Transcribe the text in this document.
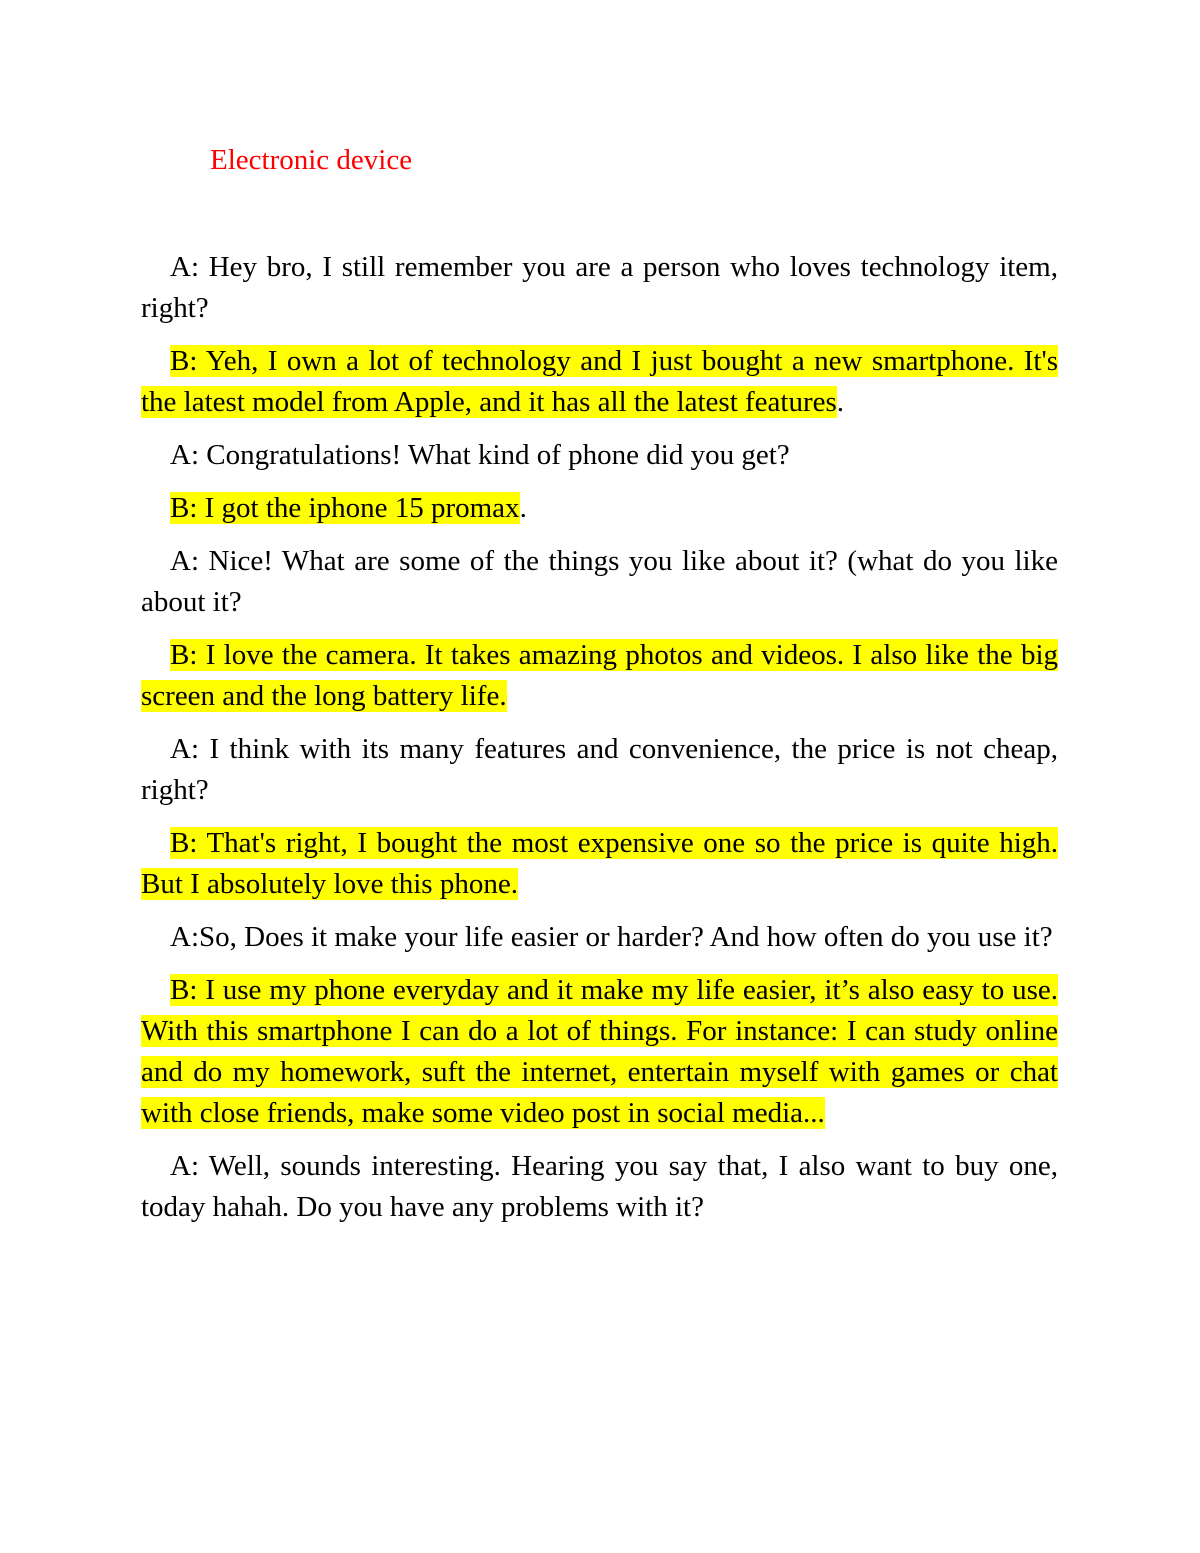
Electronic device

A: Hey bro, I still remember you are a person who loves technology item, right?

B: Yeh, I own a lot of technology and I just bought a new smartphone. It's the latest model from Apple, and it has all the latest features.

A: Congratulations! What kind of phone did you get?

B: I got the iphone 15 promax.

A: Nice! What are some of the things you like about it? (what do you like about it?

B: I love the camera. It takes amazing photos and videos. I also like the big screen and the long battery life.

A: I think with its many features and convenience, the price is not cheap, right?

B: That's right, I bought the most expensive one so the price is quite high. But I absolutely love this phone.

A:So, Does it make your life easier or harder? And how often do you use it?

B: I use my phone everyday and it make my life easier, it’s also easy to use. With this smartphone I can do a lot of things. For instance: I can study online and do my homework, suft the internet, entertain myself with games or chat with close friends, make some video post in social media...

A: Well, sounds interesting. Hearing you say that, I also want to buy one, today hahah. Do you have any problems with it?
